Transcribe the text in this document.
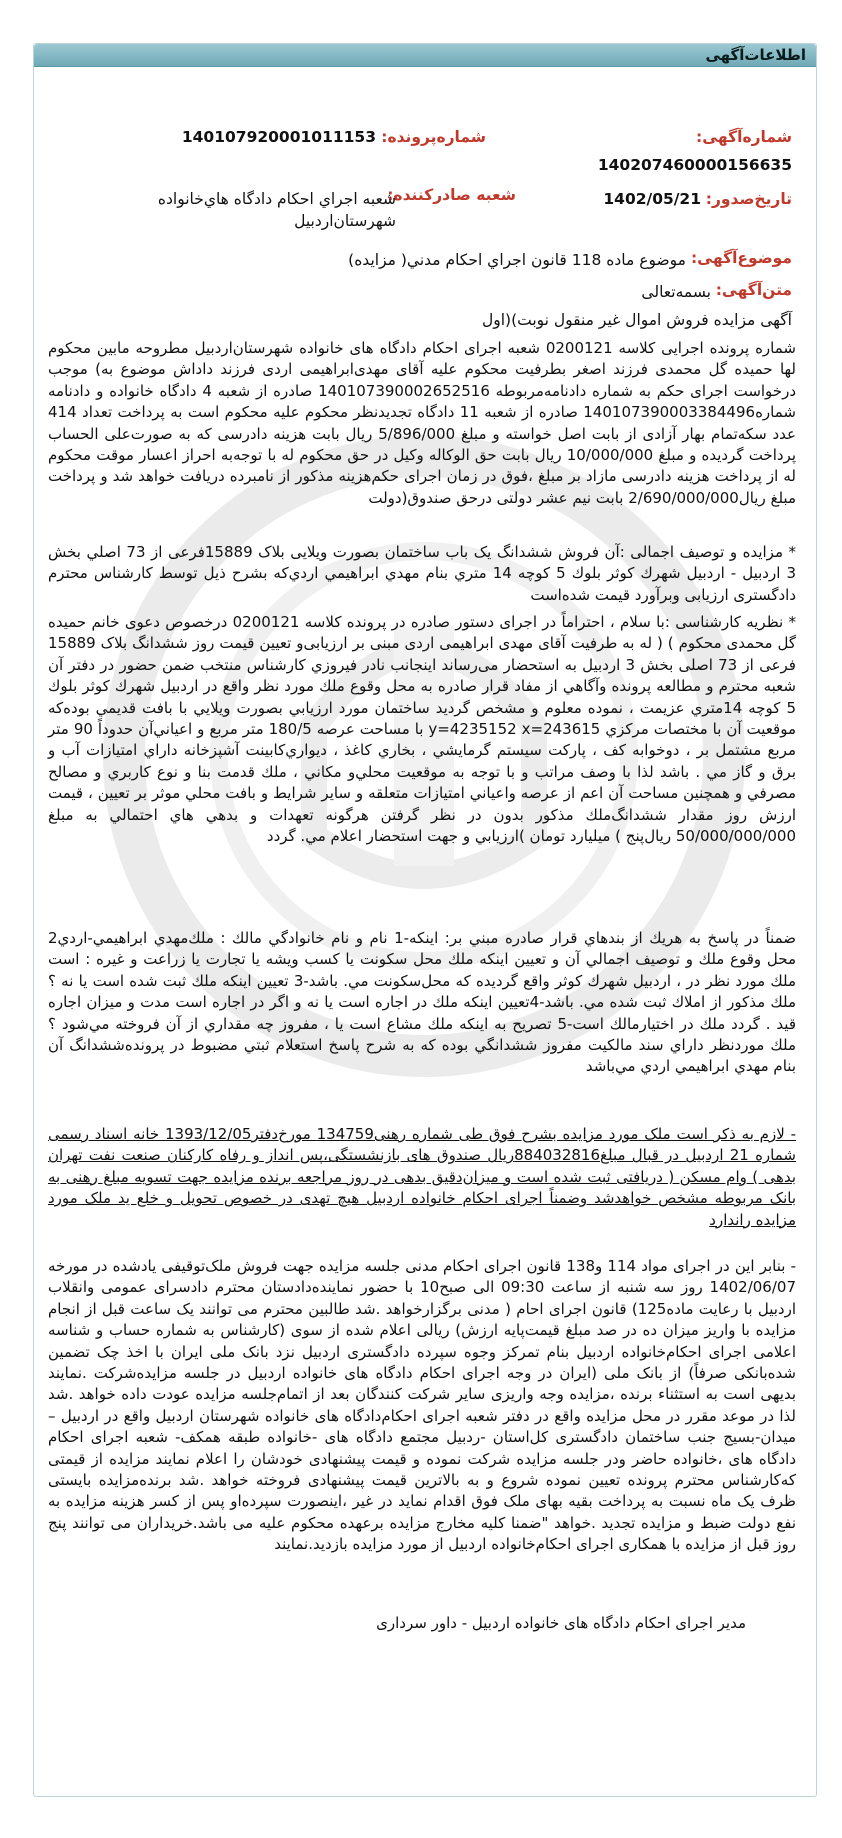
اطلاعات‌آگهی
شماره‌آگهی:
140207460000156635
شماره‌پرونده:
140107920001011153
تاریخ‌صدور:
1402/05/21
شعبه صادرکننده:
شعبه اجراي احكام دادگاه هاي‌خانواده
شهرستان‌اردبيل
موضوع‌آگهی:
موضوع ماده 118 قانون اجراي احكام مدني( مزايده)
متن‌آگهی:
بسمه‌تعالی
آگهی مزایده فروش اموال غیر منقول نوبت)(اول
شماره پرونده اجرایی کلاسه 0200121 شعبه اجرای احکام دادگاه های خانواده شهرستان‌اردبیل مطروحه مابین محکوم لها حمیده گل محمدی فرزند اصغر بطرفیت محکوم علیه آقای مهدی‌ابراهیمی اردی فرزند داداش موضوع به) موجب درخواست اجرای حکم به شماره دادنامه‌مربوطه 140107390002652516 صادره از شعبه 4 دادگاه خانواده و دادنامه شماره140107390003384496 صادره از شعبه 11 دادگاه تجدیدنظر محکوم علیه محکوم است به پرداخت تعداد 414 عدد سکه‌تمام بهار آزادی از بابت اصل خواسته و مبلغ 5/896/000 ریال بابت هزینه دادرسی که به صورت‌علی الحساب پرداخت گردیده و مبلغ 10/000/000 ریال بابت حق الوکاله وکیل در حق محکوم له با توجه‌به احراز اعسار موقت محکوم له از پرداخت هزینه دادرسی مازاد بر مبلغ ،فوق در زمان اجرای حکم‌هزینه مذکور از نامبرده دریافت خواهد شد و پرداخت مبلغ ریال2/690/000/000 بابت نیم عشر دولتی درحق صندوق(دولت
* مزایده و توصیف اجمالی :آن فروش ششدانگ یک باب ساختمان بصورت ویلایی بلاک 15889فرعی از 73 اصلي بخش 3 اردبیل - اردبیل شهرك كوثر بلوك 5 كوچه 14 متري بنام مهدي ابراهيمي اردي‌كه بشرح ذیل توسط کارشناس محترم دادگستری ارزیابی وبرآورد قیمت شده‌است
* نظریه کارشناسی :با سلام ، احتراماً در اجرای دستور صادره در پرونده کلاسه 0200121 درخصوص دعوی خانم حمیده گل محمدی محکوم ) ( له به طرفیت آقای مهدی ابراهیمی اردی مبنی بر ارزیابی‌و تعیین قیمت روز ششدانگ بلاک 15889 فرعی از 73 اصلی بخش 3 اردبیل به استحضار می‌رساند اینجانب نادر فیروزي كارشناس منتخب ضمن حضور در دفتر آن شعبه محترم و مطالعه پرونده وآگاهي از مفاد قرار صادره به محل وقوع ملك مورد نظر واقع در اردبيل شهرك كوثر بلوك 5 كوچه 14متري عزيمت ، نموده معلوم و مشخص گرديد ساختمان مورد ارزيابي بصورت ويلايي با بافت قديمي بوده‌كه موقعيت آن با مختصات مركزي y=4235152 x=243615 با مساحت عرصه 180/5 متر مربع و اعياني‌آن حدوداً 90 متر مربع مشتمل بر ، دوخوابه كف ، پاركت سيستم گرمايشي ، بخاري كاغذ ، ديواري‌كابينت آشپزخانه داراي امتيازات آب و برق و گاز مي . باشد لذا با وصف مراتب و با توجه به موقعيت محلي‌و مكاني ، ملك قدمت بنا و نوع كاربري و مصالح مصرفي و همچنين مساحت آن اعم از عرصه واعياني امتيازات متعلقه و ساير شرايط و بافت محلي موثر بر تعيين ، قيمت ارزش روز مقدار ششدانگ‌ملك مذكور بدون در نظر گرفتن هرگونه تعهدات و بدهي هاي احتمالي به مبلغ 50/000/000/000 ريال‌پنج ) ميليارد تومان )ارزيابي و جهت استحضار اعلام مي. گردد
ضمناً در پاسخ به هريك از بندهاي قرار صادره مبني بر: اينكه-1 نام و نام خانوادگي مالك : ملك‌مهدي ابراهيمي-اردي2 محل وقوع ملك و توصيف اجمالي آن و تعيين اينكه ملك محل سكونت يا كسب ويشه يا تجارت يا زراعت و غيره : است ملك مورد نظر در ، اردبيل شهرك كوثر واقع گرديده كه محل‌سكونت مي. باشد-3 تعيين اينكه ملك ثبت شده است يا نه ؟ ملك مذكور از املاك ثبت شده مي. باشد-4تعيين اينكه ملك در اجاره است يا نه و اگر در اجاره است مدت و ميزان اجاره قيد . گردد ملك در اختيارمالك است-5 تصريح به اينكه ملك مشاع است يا ، مفروز چه مقداري از آن فروخته مي‌شود ؟ ملك موردنظر داراي سند مالكيت مفروز ششدانگي بوده كه به شرح پاسخ استعلام ثبتي مضبوط در پرونده‌ششدانگ آن بنام مهدي ابراهيمي اردي مي‌باشد
- لازم به ذکر است ملک مورد مزایده بشرح فوق طی شماره رهنی134759 مورخ‌دفتر1393/12/05 خانه اسناد رسمی شماره 21 اردبیل در قبال مبلغ884032816ریال صندوق های بازنشستگی،پس انداز و رفاه کارکنان صنعت نفت تهران بدهی ) وام مسکن ( دریافتی ثبت شده است و میزان‌دقیق بدهی در روز مراجعه برنده مزایده جهت تسویه مبلغ رهنی به بانک مربوطه مشخص خواهدشد وضمناً اجرای احکام خانواده اردبیل هیچ تهدی در خصوص تحویل و خلع ید ملک مورد مزایده راندارد
- بنابر این در اجرای مواد 114 و138 قانون اجرای احکام مدنی جلسه مزایده جهت فروش ملک‌توقیفی یادشده در مورخه 1402/06/07 روز سه شنبه از ساعت 09:30 الی صبح10 با حضور نماینده‌دادستان محترم دادسرای عمومی وانقلاب اردبیل با رعایت ماده125) قانون اجرای احام ( مدنی برگزارخواهد .شد طالبین محترم می توانند یک ساعت قبل از انجام مزایده با واریز میزان ده در صد مبلغ قیمت‌پایه ارزش) ریالی اعلام شده از سوی (کارشناس به شماره حساب و شناسه اعلامی اجرای احکام‌خانواده اردبیل بنام تمرکز وجوه سپرده دادگستری اردبیل نزد بانک ملی ایران با اخذ چک تضمین شده‌بانکی صرفاً) از بانک ملی (ایران در وجه اجرای احکام دادگاه های خانواده اردبیل در جلسه مزایده‌شرکت .نمایند بدیهی است به استثناء برنده ،مزایده وجه واریزی سایر شرکت کنندگان بعد از اتمام‌جلسه مزایده عودت داده خواهد .شد لذا در موعد مقرر در محل مزایده واقع در دفتر شعبه اجرای احکام‌دادگاه های خانواده شهرستان اردبیل واقع در اردبیل – میدان-بسیج جنب ساختمان دادگستری کل‌استان -ردبیل مجتمع دادگاه های -خانواده طبقه همکف- شعبه اجرای احکام دادگاه های ،خانواده حاضر ودر جلسه مزایده شرکت نموده و قیمت پیشنهادی خودشان را اعلام نمایند مزایده از قیمتی که‌کارشناس محترم پرونده تعیین نموده شروع و به بالاترین قیمت پیشنهادی فروخته خواهد .شد برنده‌مزایده بایستی ظرف یک ماه نسبت به پرداخت بقیه بهای ملک فوق اقدام نماید در غیر ،اینصورت سپرده‌او پس از کسر هزینه مزایده به نفع دولت ضبط و مزایده تجدید .خواهد "ضمنا کلیه مخارج مزایده برعهده محکوم علیه می باشد.خریداران می توانند پنج روز قبل از مزایده با همکاری اجرای احکام‌خانواده اردبیل از مورد مزایده بازدید.نمایند
مدیر اجرای احکام دادگاه های خانواده اردبیل - داور سرداری
